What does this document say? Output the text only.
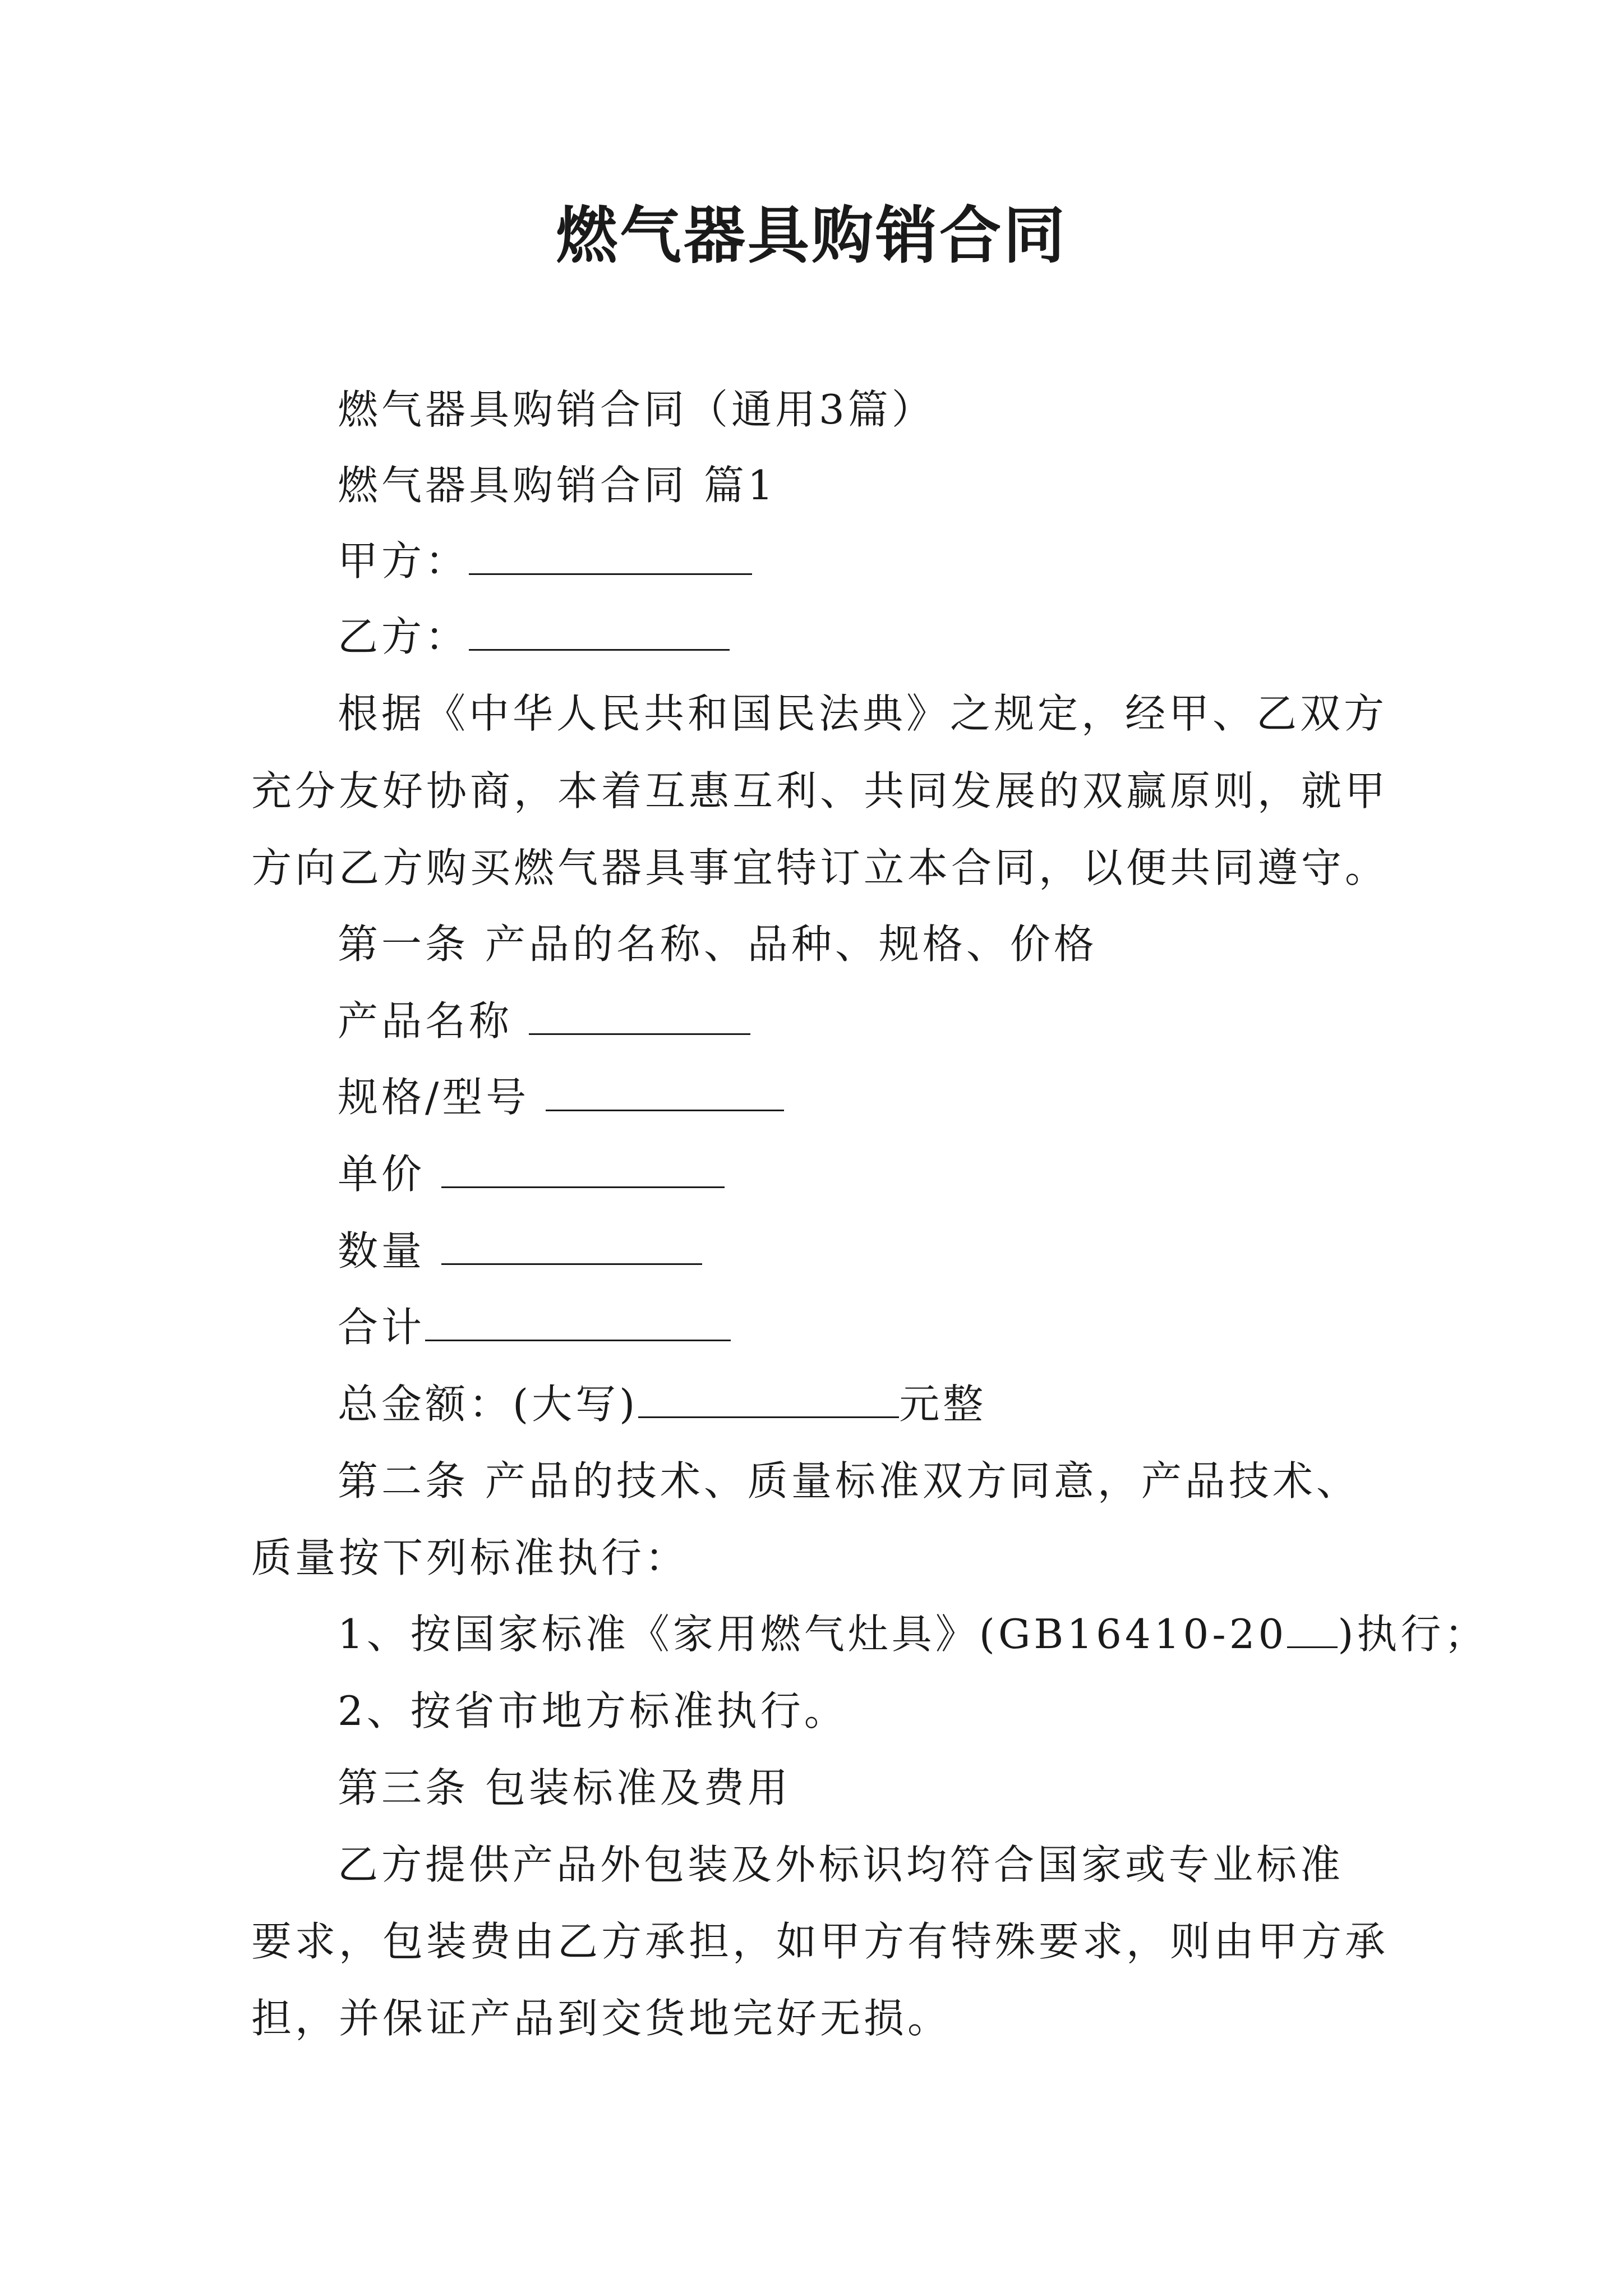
燃气器具购销合同
燃气器具购销合同（通用3篇）
燃气器具购销合同 篇1
甲方：
乙方：
根据《中华人民共和国民法典》之规定，经甲、乙双方
充分友好协商，本着互惠互利、共同发展的双赢原则，就甲
方向乙方购买燃气器具事宜特订立本合同，以便共同遵守。
第一条 产品的名称、品种、规格、价格
产品名称
规格/型号
单价
数量
合计
总金额：(大写)	元整
第二条 产品的技术、质量标准双方同意，产品技术、
质量按下列标准执行：
1、按国家标准《家用燃气灶具》(GB16410-20 )执行；
2、按省市地方标准执行。
第三条 包装标准及费用
乙方提供产品外包装及外标识均符合国家或专业标准
要求，包装费由乙方承担，如甲方有特殊要求，则由甲方承
担，并保证产品到交货地完好无损。
